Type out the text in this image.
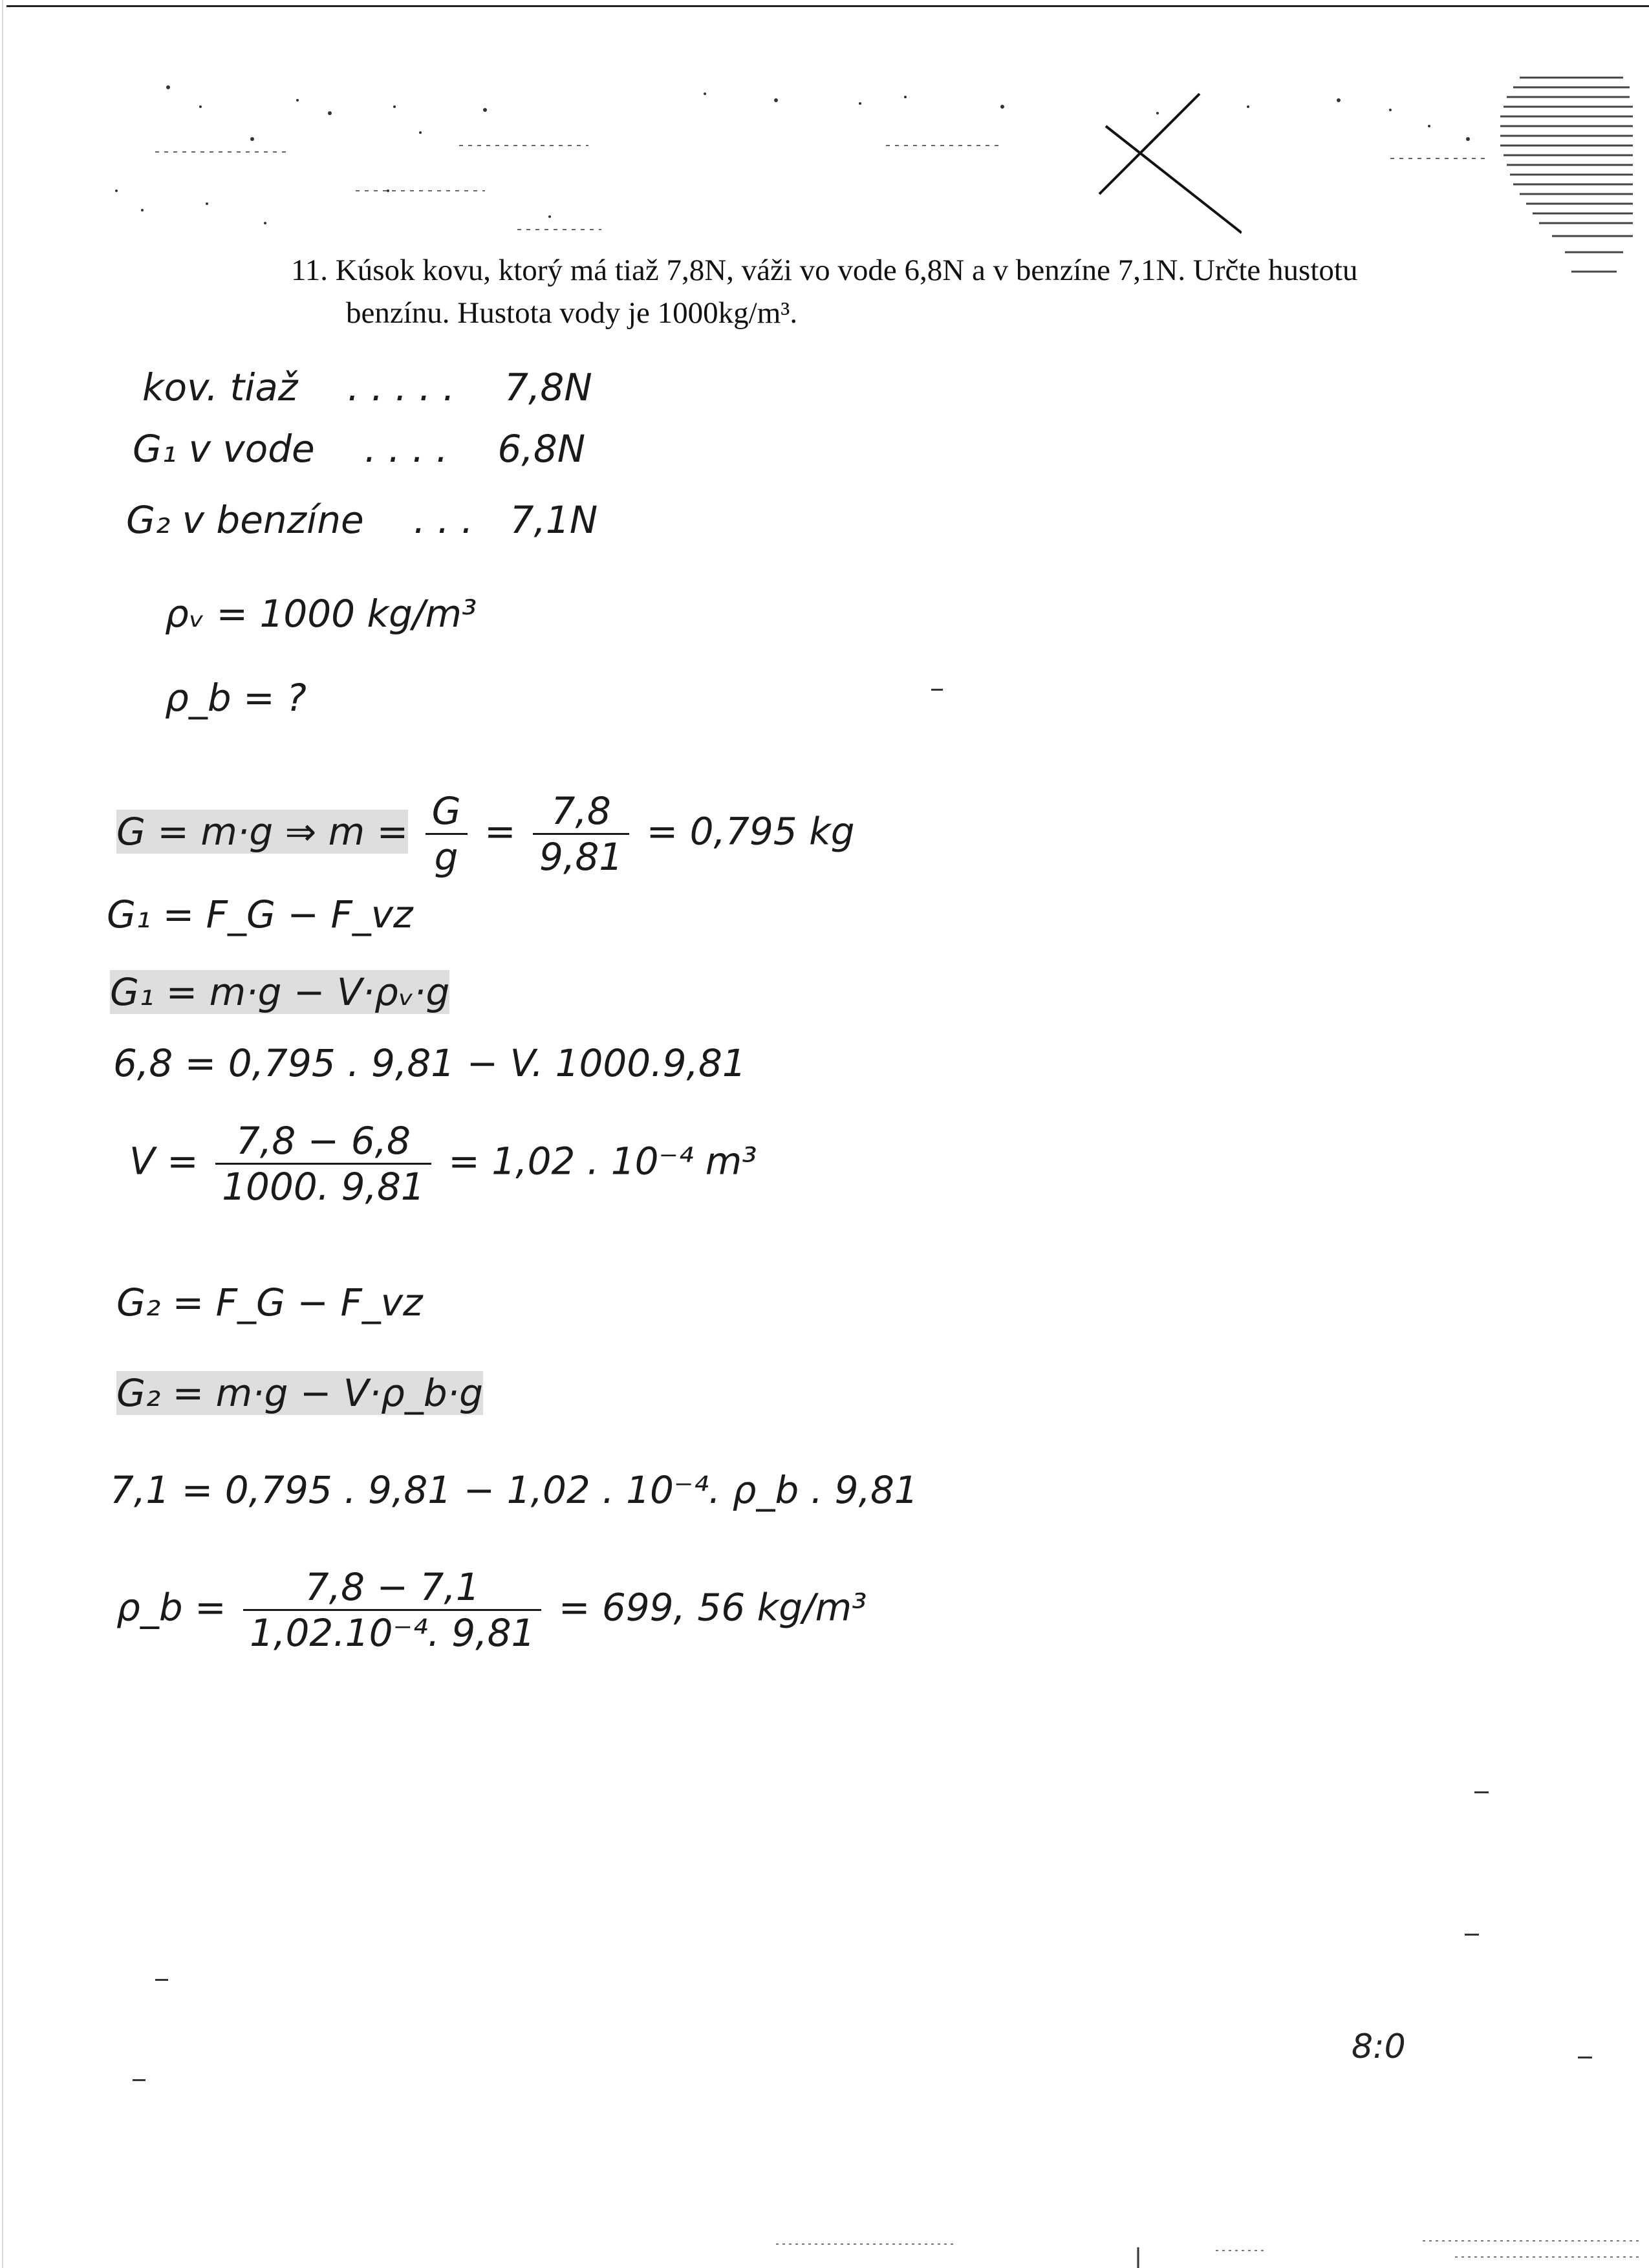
11. Kúsok kovu, ktorý má tiaž 7,8N, váži vo vode 6,8N a v benzíne 7,1N. Určte hustotu
benzínu. Hustota vody je 1000kg/m³.
kov. tiaž . . . . . 7,8N
G₁ v vode . . . . 6,8N
G₂ v benzíne . . . 7,1N
ρᵥ = 1000 kg/m³
ρ_b = ?
G = m·g ⇒ $m = \frac{G}{g} = \frac{7,8}{9,81} = 0,795$ kg
G₁ = F_G − F_vz
G₁ = m·g − V·ρᵥ·g
6,8 = 0,795 . 9,81 − V. 1000.9,81
$V = \frac{7,8 - 6,8}{1000. 9,81} = 1,02$ . 10⁻⁴ m³
G₂ = F_G − F_vz
G₂ = m·g − V·ρ_b·g
7,1 = 0,795 . 9,81 − 1,02 . 10⁻⁴. ρ_b . 9,81
ρ_b = $\frac{7,8 - 7,1}{\text{1,02.10⁻⁴. 9,81}} = 699$, 56 kg/m³
8:0
